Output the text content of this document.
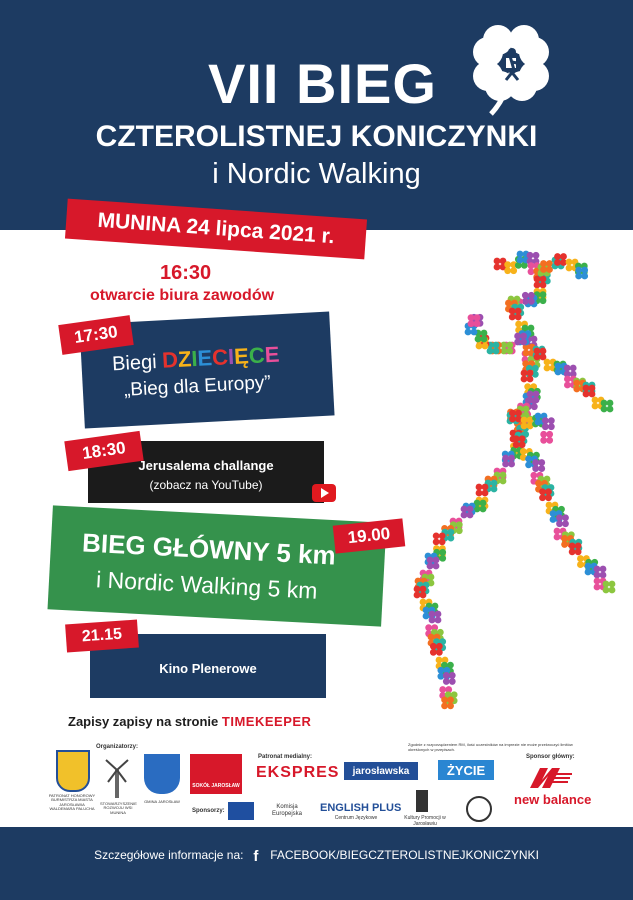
VII BIEG
CZTEROLISTNEJ KONICZYNKI
i Nordic Walking
MUNINA 24 lipca 2021 r.
16:30
otwarcie biura zawodów
17:30
Biegi DZIECIĘCE
„Bieg dla Europy”
18:30
Jerusalema challange
(zobacz na YouTube)
19.00
BIEG GŁÓWNY 5 km
i Nordic Walking 5 km
21.15
Kino Plenerowe
Zapisy zapisy na stronie TIMEKEEPER
Zgodnie z rozporządzeniem RM, ilość uczestników na imprezie nie może przekroczyć limitów określonych w przepisach.
Organizatorzy:
Patronat medialny:	Sponsor główny:
Sponsorzy:
PATRONAT HONOROWY BURMISTRZA MIASTA JAROSŁAWIA WALDEMARA PALUCHA
STOWARZYSZENIE ROZWOJU WSI MUNINA
GMINA JAROSŁAW
SOKÓŁ JAROSŁAW
EKSPRES	jarosławska	ŻYCIE
new balance
Komisja Europejska ENGLISH PLUS
Centrum Językowe	Kultury Promocji w Jarosławiu
Szczegółowe informacje na: f FACEBOOK/BIEGCZTEROLISTNEJKONICZYNKI
